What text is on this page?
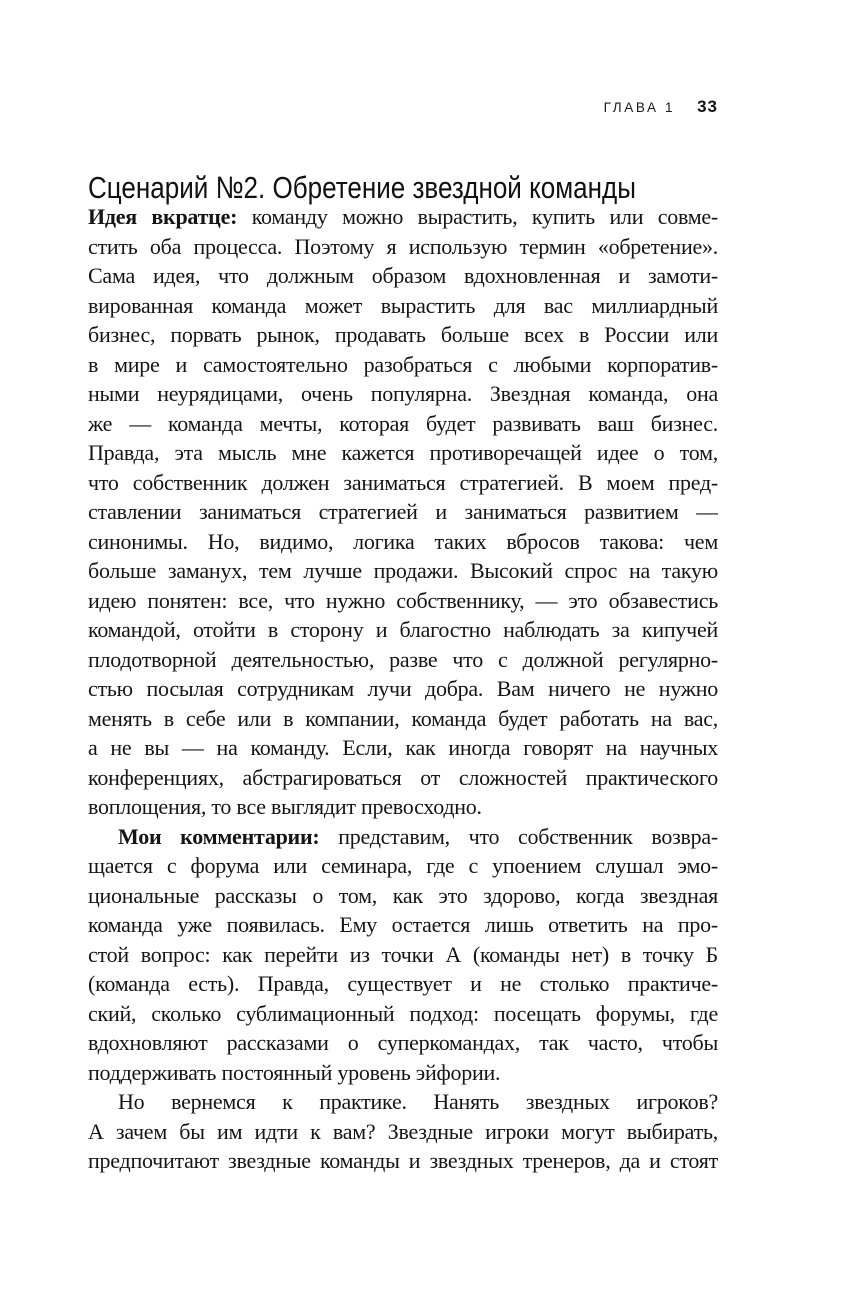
ГЛАВА 1 33
Сценарий №2. Обретение звездной команды
Идея вкратце: команду можно вырастить, купить или совме-
стить оба процесса. Поэтому я использую термин «обретение».
Сама идея, что должным образом вдохновленная и замоти-
вированная команда может вырастить для вас миллиардный
бизнес, порвать рынок, продавать больше всех в России или
в мире и самостоятельно разобраться с любыми корпоратив-
ными неурядицами, очень популярна. Звездная команда, она
же — команда мечты, которая будет развивать ваш бизнес.
Правда, эта мысль мне кажется противоречащей идее о том,
что собственник должен заниматься стратегией. В моем пред-
ставлении заниматься стратегией и заниматься развитием —
синонимы. Но, видимо, логика таких вбросов такова: чем
больше заманух, тем лучше продажи. Высокий спрос на такую
идею понятен: все, что нужно собственнику, — это обзавестись
командой, отойти в сторону и благостно наблюдать за кипучей
плодотворной деятельностью, разве что с должной регулярно-
стью посылая сотрудникам лучи добра. Вам ничего не нужно
менять в себе или в компании, команда будет работать на вас,
а не вы — на команду. Если, как иногда говорят на научных
конференциях, абстрагироваться от сложностей практического
воплощения, то все выглядит превосходно.
Мои комментарии: представим, что собственник возвра-
щается с форума или семинара, где с упоением слушал эмо-
циональные рассказы о том, как это здорово, когда звездная
команда уже появилась. Ему остается лишь ответить на про-
стой вопрос: как перейти из точки А (команды нет) в точку Б
(команда есть). Правда, существует и не столько практиче-
ский, сколько сублимационный подход: посещать форумы, где
вдохновляют рассказами о суперкомандах, так часто, чтобы
поддерживать постоянный уровень эйфории.
Но вернемся к практике. Нанять звездных игроков?
А зачем бы им идти к вам? Звездные игроки могут выбирать,
предпочитают звездные команды и звездных тренеров, да и стоят
